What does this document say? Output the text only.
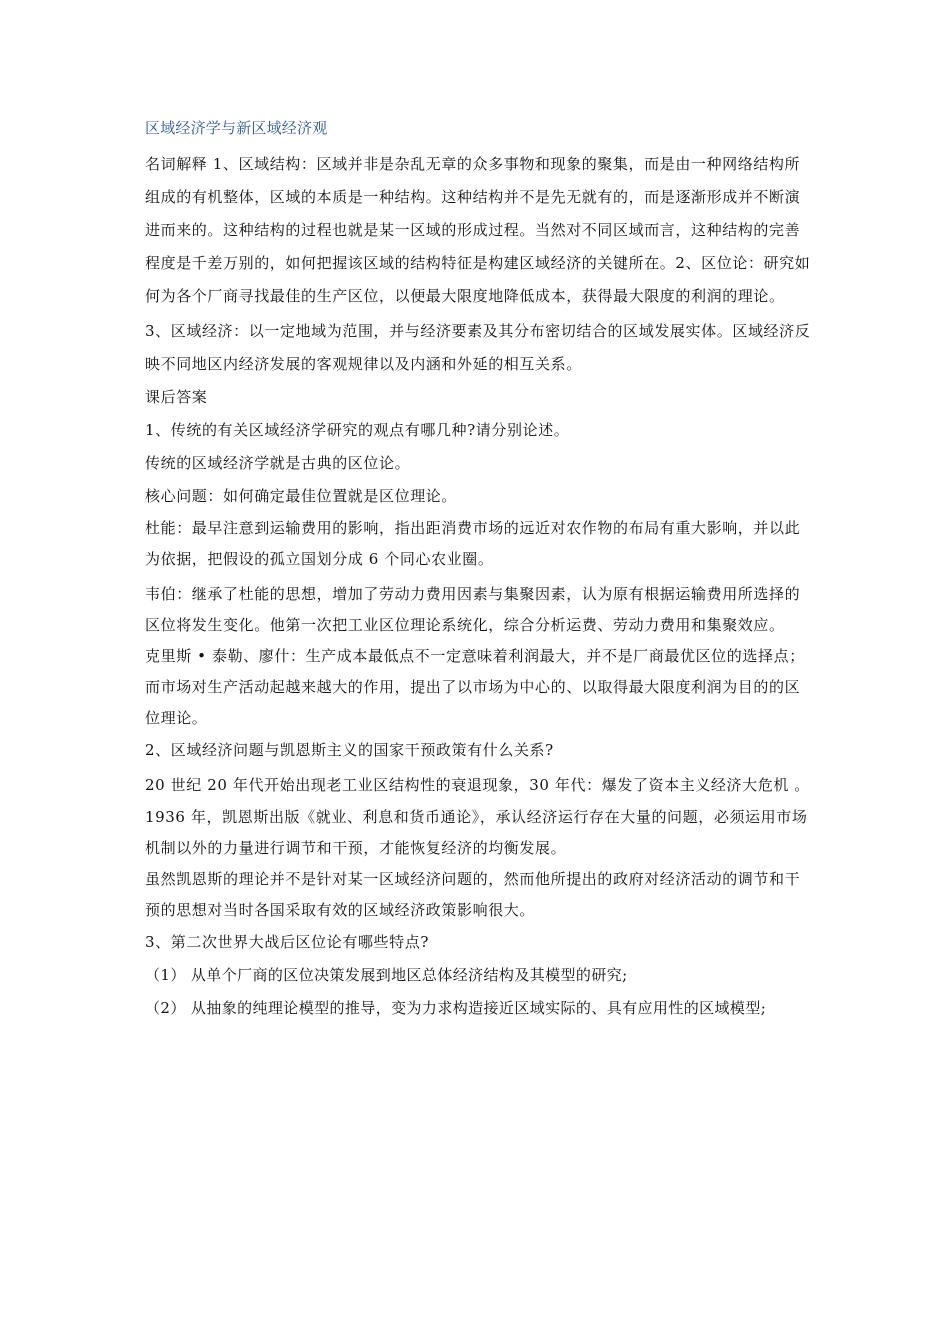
区域经济学与新区域经济观

名词解释 1、区域结构：区域并非是杂乱无章的众多事物和现象的聚集，而是由一种网络结构所组成的有机整体，区域的本质是一种结构。这种结构并不是先无就有的，而是逐渐形成并不断演进而来的。这种结构的过程也就是某一区域的形成过程。当然对不同区域而言，这种结构的完善程度是千差万别的，如何把握该区域的结构特征是构建区域经济的关键所在。2、区位论：研究如何为各个厂商寻找最佳的生产区位，以便最大限度地降低成本，获得最大限度的利润的理论。

3、区域经济：以一定地域为范围，并与经济要素及其分布密切结合的区域发展实体。区域经济反映不同地区内经济发展的客观规律以及内涵和外延的相互关系。

课后答案

1、传统的有关区域经济学研究的观点有哪几种?请分别论述。

传统的区域经济学就是古典的区位论。

核心问题：如何确定最佳位置就是区位理论。

杜能：最早注意到运输费用的影响，指出距消费市场的远近对农作物的布局有重大影响，并以此为依据，把假设的孤立国划分成 6 个同心农业圈。

韦伯：继承了杜能的思想，增加了劳动力费用因素与集聚因素，认为原有根据运输费用所选择的区位将发生变化。他第一次把工业区位理论系统化，综合分析运费、劳动力费用和集聚效应。

克里斯 • 泰勒、廖什：生产成本最低点不一定意味着利润最大，并不是厂商最优区位的选择点；而市场对生产活动起越来越大的作用，提出了以市场为中心的、以取得最大限度利润为目的的区位理论。

2、区域经济问题与凯恩斯主义的国家干预政策有什么关系?

20 世纪 20 年代开始出现老工业区结构性的衰退现象，30 年代：爆发了资本主义经济大危机 。

1936 年，凯恩斯出版《就业、利息和货币通论》，承认经济运行存在大量的问题，必须运用市场机制以外的力量进行调节和干预，才能恢复经济的均衡发展。

虽然凯恩斯的理论并不是针对某一区域经济问题的，然而他所提出的政府对经济活动的调节和干预的思想对当时各国采取有效的区域经济政策影响很大。

3、第二次世界大战后区位论有哪些特点?

（1） 从单个厂商的区位决策发展到地区总体经济结构及其模型的研究;

（2） 从抽象的纯理论模型的推导，变为力求构造接近区域实际的、具有应用性的区域模型;
